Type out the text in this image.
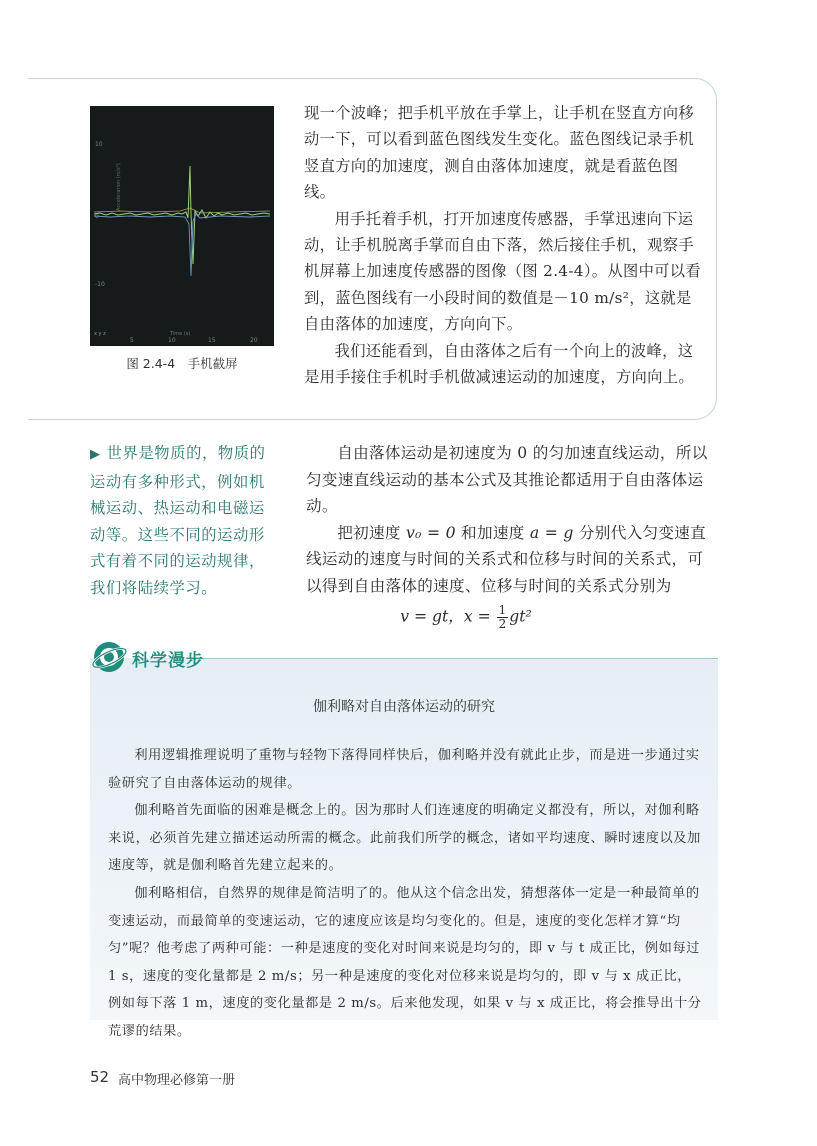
10
0
-10
Acceleration (m/s²)
5	10	15	20
Time (s)
x y z
图 2.4-4　手机截屏

现一个波峰；把手机平放在手掌上，让手机在竖直方向移动一下，可以看到蓝色图线发生变化。蓝色图线记录手机竖直方向的加速度，测自由落体加速度，就是看蓝色图线。

用手托着手机，打开加速度传感器，手掌迅速向下运动，让手机脱离手掌而自由下落，然后接住手机，观察手机屏幕上加速度传感器的图像（图 2.4-4）。从图中可以看到，蓝色图线有一小段时间的数值是－10 m/s²，这就是自由落体的加速度，方向向下。

我们还能看到，自由落体之后有一个向上的波峰，这是用手接住手机时手机做减速运动的加速度，方向向上。

▶ 世界是物质的，物质的运动有多种形式，例如机械运动、热运动和电磁运动等。这些不同的运动形式有着不同的运动规律，我们将陆续学习。

自由落体运动是初速度为 0 的匀加速直线运动，所以匀变速直线运动的基本公式及其推论都适用于自由落体运动。

把初速度 v₀ = 0 和加速度 a = g 分别代入匀变速直线运动的速度与时间的关系式和位移与时间的关系式，可以得到自由落体的速度、位移与时间的关系式分别为

v = gt，$x = \frac{1}{2} gt^2$
科学漫步
伽利略对自由落体运动的研究

利用逻辑推理说明了重物与轻物下落得同样快后，伽利略并没有就此止步，而是进一步通过实验研究了自由落体运动的规律。

伽利略首先面临的困难是概念上的。因为那时人们连速度的明确定义都没有，所以，对伽利略来说，必须首先建立描述运动所需的概念。此前我们所学的概念，诸如平均速度、瞬时速度以及加速度等，就是伽利略首先建立起来的。

伽利略相信，自然界的规律是简洁明了的。他从这个信念出发，猜想落体一定是一种最简单的变速运动，而最简单的变速运动，它的速度应该是均匀变化的。但是，速度的变化怎样才算“均匀”呢？他考虑了两种可能：一种是速度的变化对时间来说是均匀的，即 v 与 t 成正比，例如每过 1 s，速度的变化量都是 2 m/s；另一种是速度的变化对位移来说是均匀的，即 v 与 x 成正比，例如每下落 1 m，速度的变化量都是 2 m/s。后来他发现，如果 v 与 x 成正比，将会推导出十分荒谬的结果。

52 高中物理必修第一册
